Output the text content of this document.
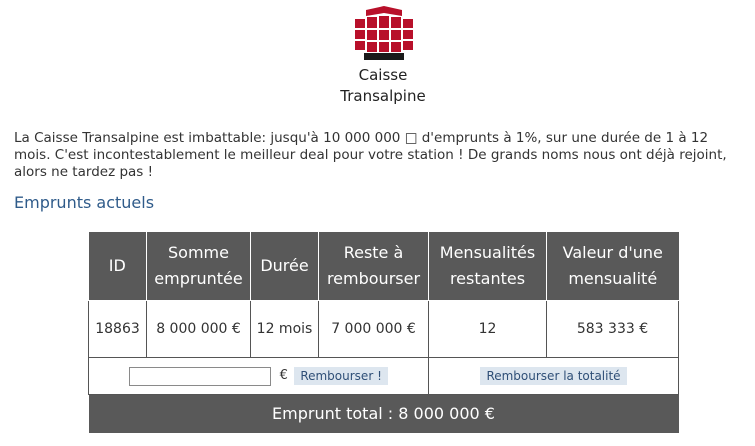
Caisse
Transalpine
La Caisse Transalpine est imbattable: jusqu'à 10 000 000 □ d'emprunts à 1%, sur une durée de 1 à 12 mois. C'est incontestablement le meilleur deal pour votre station ! De grands noms nous ont déjà rejoint, alors ne tardez pas !
Emprunts actuels
ID	Somme empruntée	Durée	Reste à rembourser	Mensualités restantes	Valeur d'une mensualité
18863	8 000 000 €	12 mois	7 000 000 €	12	583 333 €
€ Rembourser !				Rembourser la totalité	
Emprunt total : 8 000 000 €					
